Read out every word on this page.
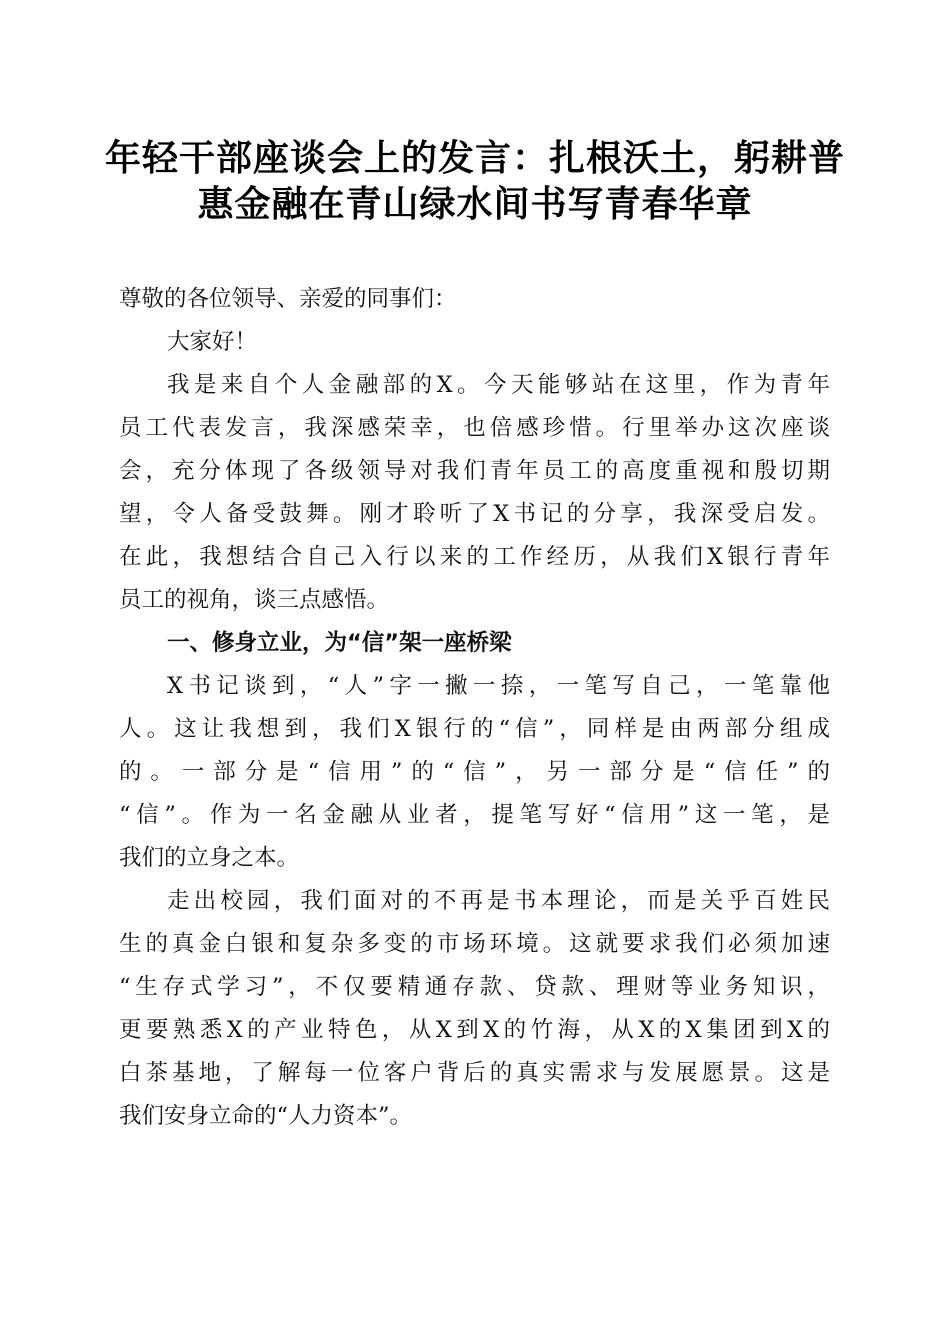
年轻干部座谈会上的发言：扎根沃土，躬耕普
惠金融在青山绿水间书写青春华章
尊敬的各位领导、亲爱的同事们：
大家好！
我是来自个人金融部的X。今天能够站在这里，作为青年
员工代表发言，我深感荣幸，也倍感珍惜。行里举办这次座谈
会，充分体现了各级领导对我们青年员工的高度重视和殷切期
望，令人备受鼓舞。刚才聆听了X书记的分享，我深受启发。
在此，我想结合自己入行以来的工作经历，从我们X银行青年
员工的视角，谈三点感悟。
一、修身立业，为“信”架一座桥梁
X书记谈到，“人”字一撇一捺，一笔写自己，一笔靠他
人。这让我想到，我们X银行的“信”，同样是由两部分组成
的。一部分是“信用”的“信”，另一部分是“信任”的
“信”。作为一名金融从业者，提笔写好“信用”这一笔，是
我们的立身之本。
走出校园，我们面对的不再是书本理论，而是关乎百姓民
生的真金白银和复杂多变的市场环境。这就要求我们必须加速
“生存式学习”，不仅要精通存款、贷款、理财等业务知识，
更要熟悉X的产业特色，从X到X的竹海，从X的X集团到X的
白茶基地，了解每一位客户背后的真实需求与发展愿景。这是
我们安身立命的“人力资本”。
